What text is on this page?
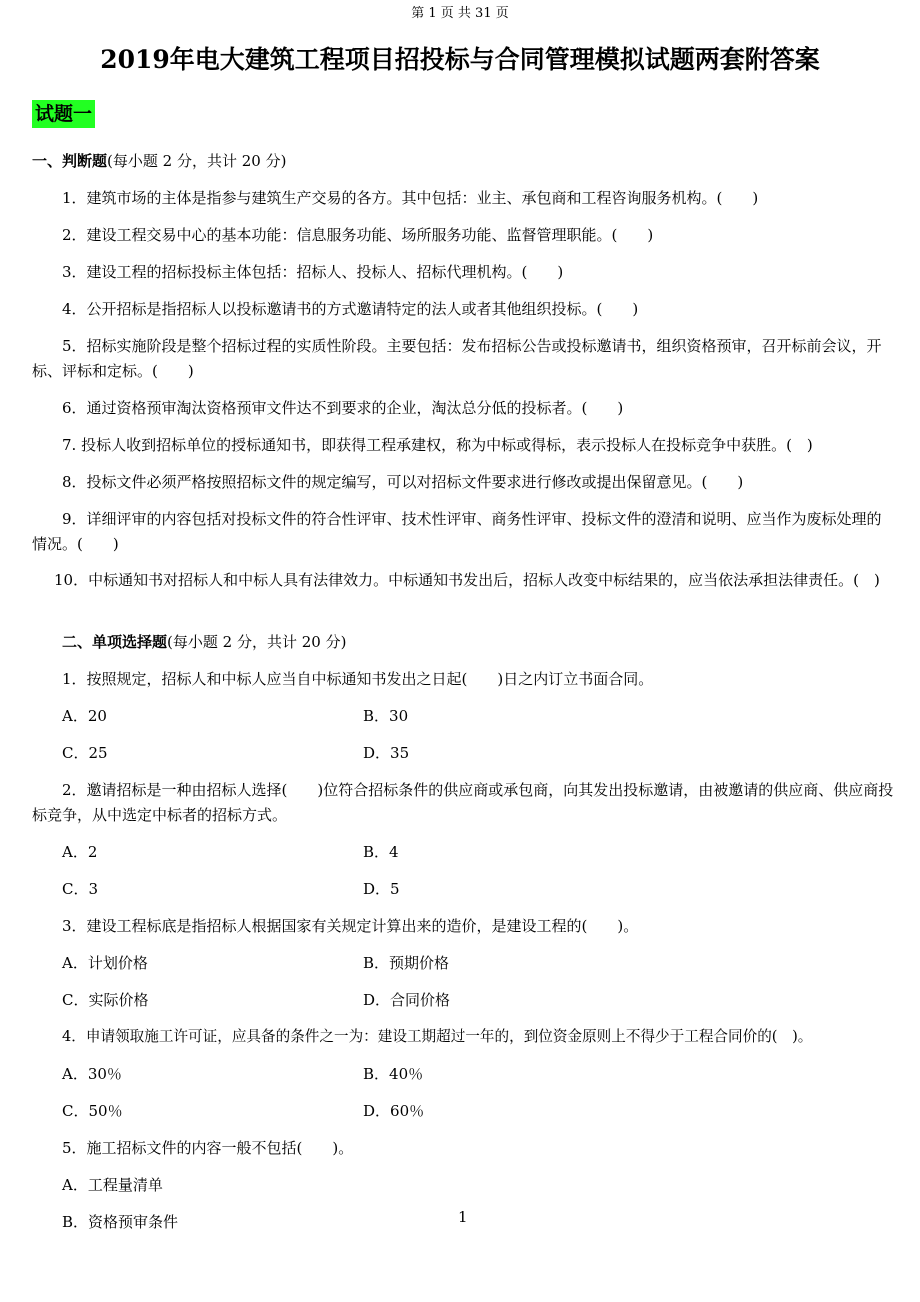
第 1 页 共 31 页
2019年电大建筑工程项目招投标与合同管理模拟试题两套附答案
试题一
一、判断题(每小题 2 分，共计 20 分)
1．建筑市场的主体是指参与建筑生产交易的各方。其中包括：业主、承包商和工程咨询服务机构。(　　)
2．建设工程交易中心的基本功能：信息服务功能、场所服务功能、监督管理职能。(　　)
3．建设工程的招标投标主体包括：招标人、投标人、招标代理机构。(　　)
4．公开招标是指招标人以投标邀请书的方式邀请特定的法人或者其他组织投标。(　　)
5．招标实施阶段是整个招标过程的实质性阶段。主要包括：发布招标公告或投标邀请书，组织资格预审，召开标前会议，开标、评标和定标。(　　)
6．通过资格预审淘汰资格预审文件达不到要求的企业，淘汰总分低的投标者。(　　)
7. 投标人收到招标单位的授标通知书，即获得工程承建权，称为中标或得标，表示投标人在投标竞争中获胜。(　)
8．投标文件必须严格按照招标文件的规定编写，可以对招标文件要求进行修改或提出保留意见。(　　)
9．详细评审的内容包括对投标文件的符合性评审、技术性评审、商务性评审、投标文件的澄清和说明、应当作为废标处理的情况。(　　)
10．中标通知书对招标人和中标人具有法律效力。中标通知书发出后，招标人改变中标结果的，应当依法承担法律责任。(　)
二、单项选择题(每小题 2 分，共计 20 分)
1．按照规定，招标人和中标人应当自中标通知书发出之日起(　　)日之内订立书面合同。
A．20	B．30
C．25	D．35
2．邀请招标是一种由招标人选择(　　)位符合招标条件的供应商或承包商，向其发出投标邀请，由被邀请的供应商、供应商投标竞争，从中选定中标者的招标方式。
A．2	B．4
C．3	D．5
3．建设工程标底是指招标人根据国家有关规定计算出来的造价，是建设工程的(　　)。
A．计划价格	B．预期价格
C．实际价格	D．合同价格
4．申请领取施工许可证，应具备的条件之一为：建设工期超过一年的，到位资金原则上不得少于工程合同价的(　)。
A．30％	B．40％
C．50％	D．60％
5．施工招标文件的内容一般不包括(　　)。
A．工程量清单
B．资格预审条件	1
